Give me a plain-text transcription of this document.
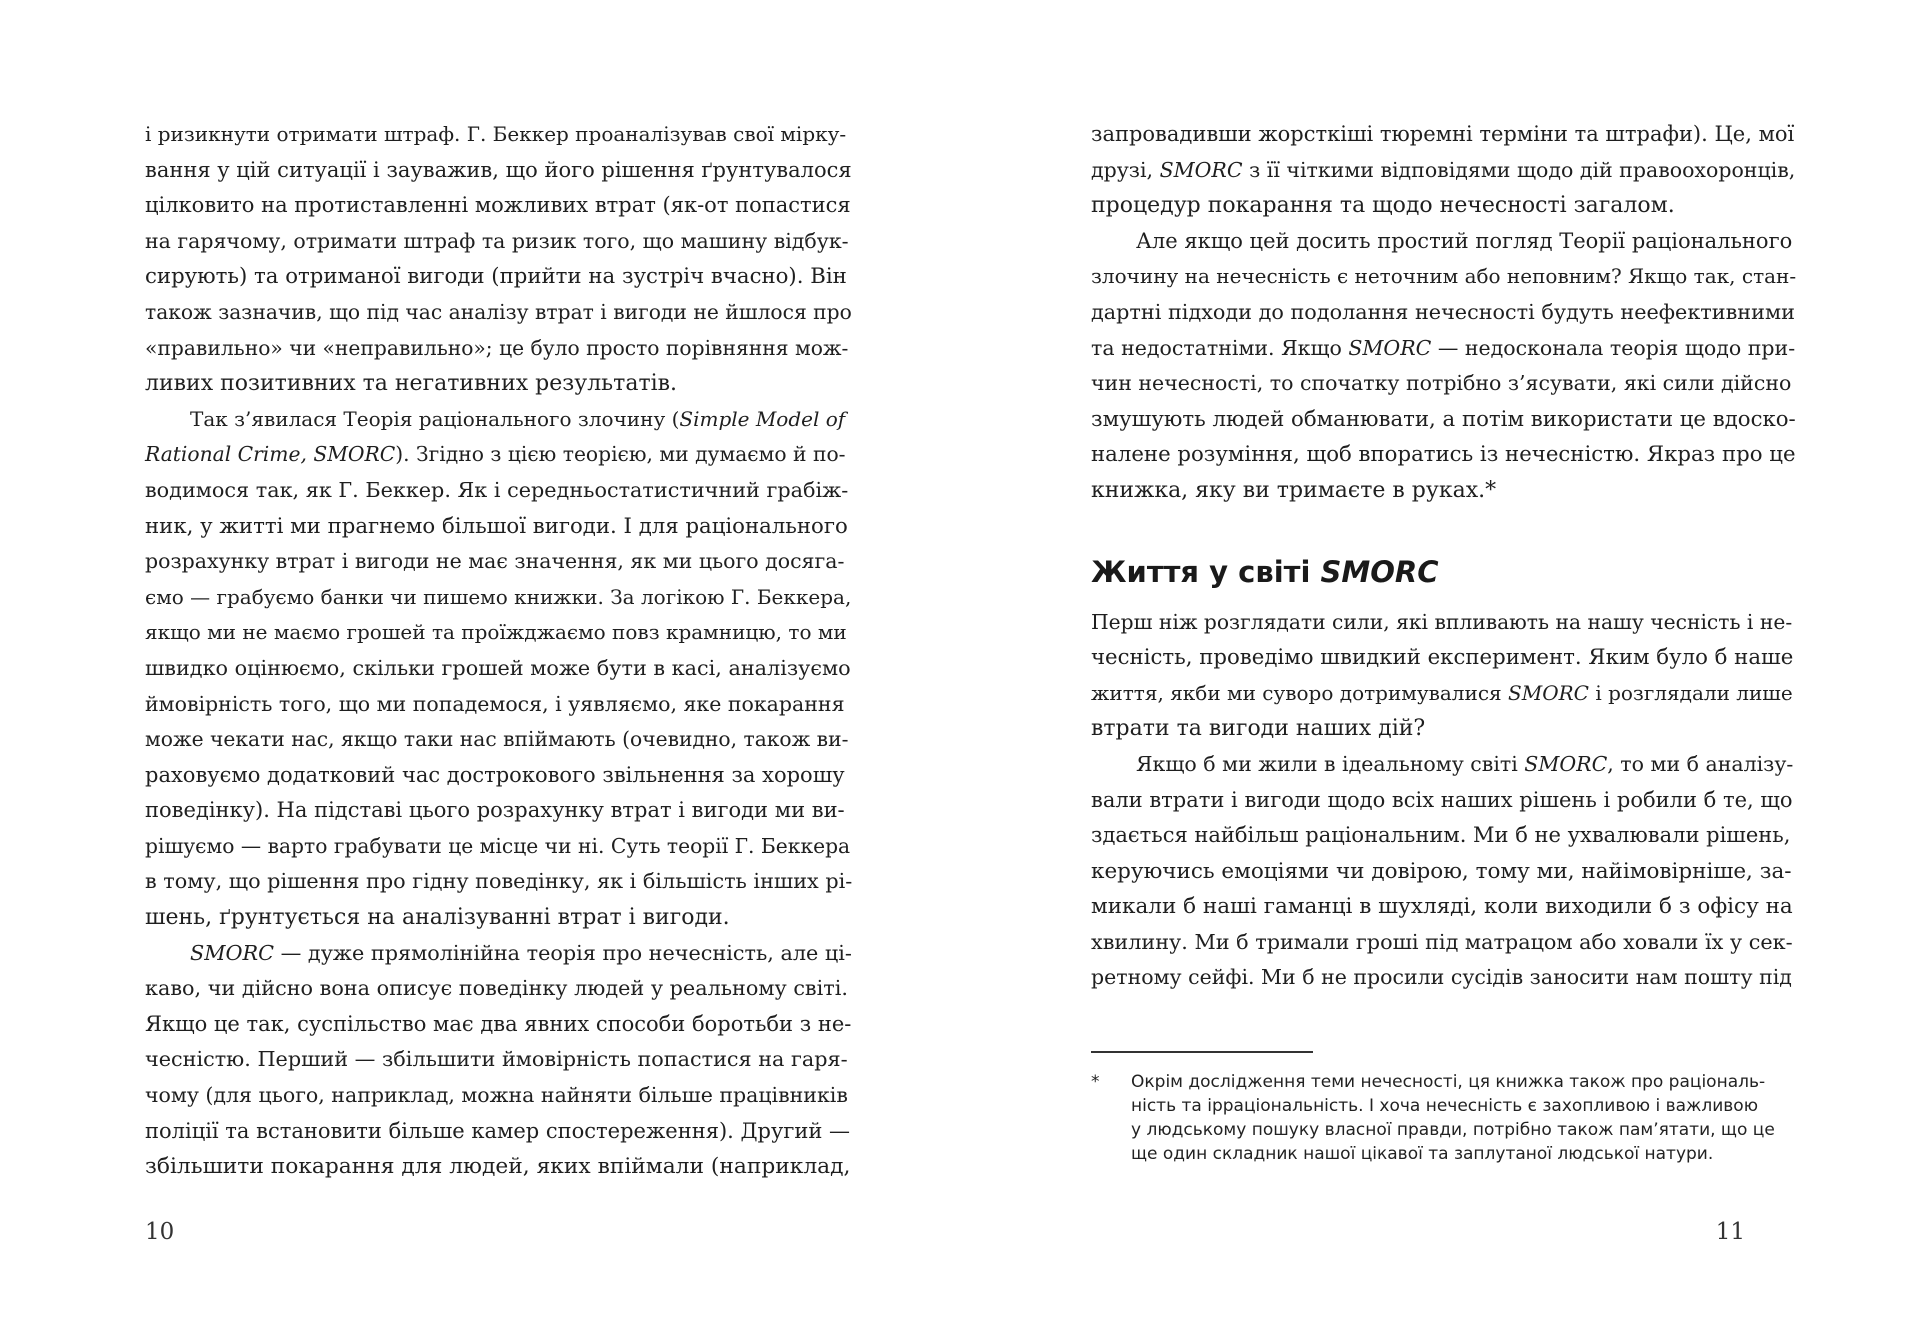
і ризикнути отримати штраф. Г. Беккер проаналізував свої мірку-
вання у цій ситуації і зауважив, що його рішення ґрунтувалося
цілковито на протиставленні можливих втрат (як-от попастися
на гарячому, отримати штраф та ризик того, що машину відбук-
сирують) та отриманої вигоди (прийти на зустріч вчасно). Він
також зазначив, що під час аналізу втрат і вигоди не йшлося про
«правильно» чи «неправильно»; це було просто порівняння мож-
ливих позитивних та негативних результатів.
Так з’явилася Теорія раціонального злочину (Simple Model of
Rational Crime, SMORC). Згідно з цією теорією, ми думаємо й по-
водимося так, як Г. Беккер. Як і середньостатистичний грабіж-
ник, у житті ми прагнемо більшої вигоди. І для раціонального
розрахунку втрат і вигоди не має значення, як ми цього досяга-
ємо — грабуємо банки чи пишемо книжки. За логікою Г. Беккера,
якщо ми не маємо грошей та проїжджаємо повз крамницю, то ми
швидко оцінюємо, скільки грошей може бути в касі, аналізуємо
ймовірність того, що ми попадемося, і уявляємо, яке покарання
може чекати нас, якщо таки нас впіймають (очевидно, також ви-
раховуємо додатковий час дострокового звільнення за хорошу
поведінку). На підставі цього розрахунку втрат і вигоди ми ви-
рішуємо — варто грабувати це місце чи ні. Суть теорії Г. Беккера
в тому, що рішення про гідну поведінку, як і більшість інших рі-
шень, ґрунтується на аналізуванні втрат і вигоди.
SMORC — дуже прямолінійна теорія про нечесність, але ці-
каво, чи дійсно вона описує поведінку людей у реальному світі.
Якщо це так, суспільство має два явних способи боротьби з не-
чесністю. Перший — збільшити ймовірність попастися на гаря-
чому (для цього, наприклад, можна найняти більше працівників
поліції та встановити більше камер спостереження). Другий —
збільшити покарання для людей, яких впіймали (наприклад,
10
запровадивши жорсткіші тюремні терміни та штрафи). Це, мої
друзі, SMORC з її чіткими відповідями щодо дій правоохоронців,
процедур покарання та щодо нечесності загалом.
Але якщо цей досить простий погляд Теорії раціонального
злочину на нечесність є неточним або неповним? Якщо так, стан-
дартні підходи до подолання нечесності будуть неефективними
та недостатніми. Якщо SMORC — недосконала теорія щодо при-
чин нечесності, то спочатку потрібно з’ясувати, які сили дійсно
змушують людей обманювати, а потім використати це вдоско-
налене розуміння, щоб впоратись із нечесністю. Якраз про це
книжка, яку ви тримаєте в руках.*
Життя у світі SMORC
Перш ніж розглядати сили, які впливають на нашу чесність і не-
чесність, проведімо швидкий експеримент. Яким було б наше
життя, якби ми суворо дотримувалися SMORC і розглядали лише
втрати та вигоди наших дій?
Якщо б ми жили в ідеальному світі SMORC, то ми б аналізу-
вали втрати і вигоди щодо всіх наших рішень і робили б те, що
здається найбільш раціональним. Ми б не ухвалювали рішень,
керуючись емоціями чи довірою, тому ми, найімовірніше, за-
микали б наші гаманці в шухляді, коли виходили б з офісу на
хвилину. Ми б тримали гроші під матрацом або ховали їх у сек-
ретному сейфі. Ми б не просили сусідів заносити нам пошту під
* Окрім дослідження теми нечесності, ця книжка також про раціональ-
ність та ірраціональність. І хоча нечесність є захопливою і важливою
у людському пошуку власної правди, потрібно також пам’ятати, що це
ще один складник нашої цікавої та заплутаної людської натури.
11
